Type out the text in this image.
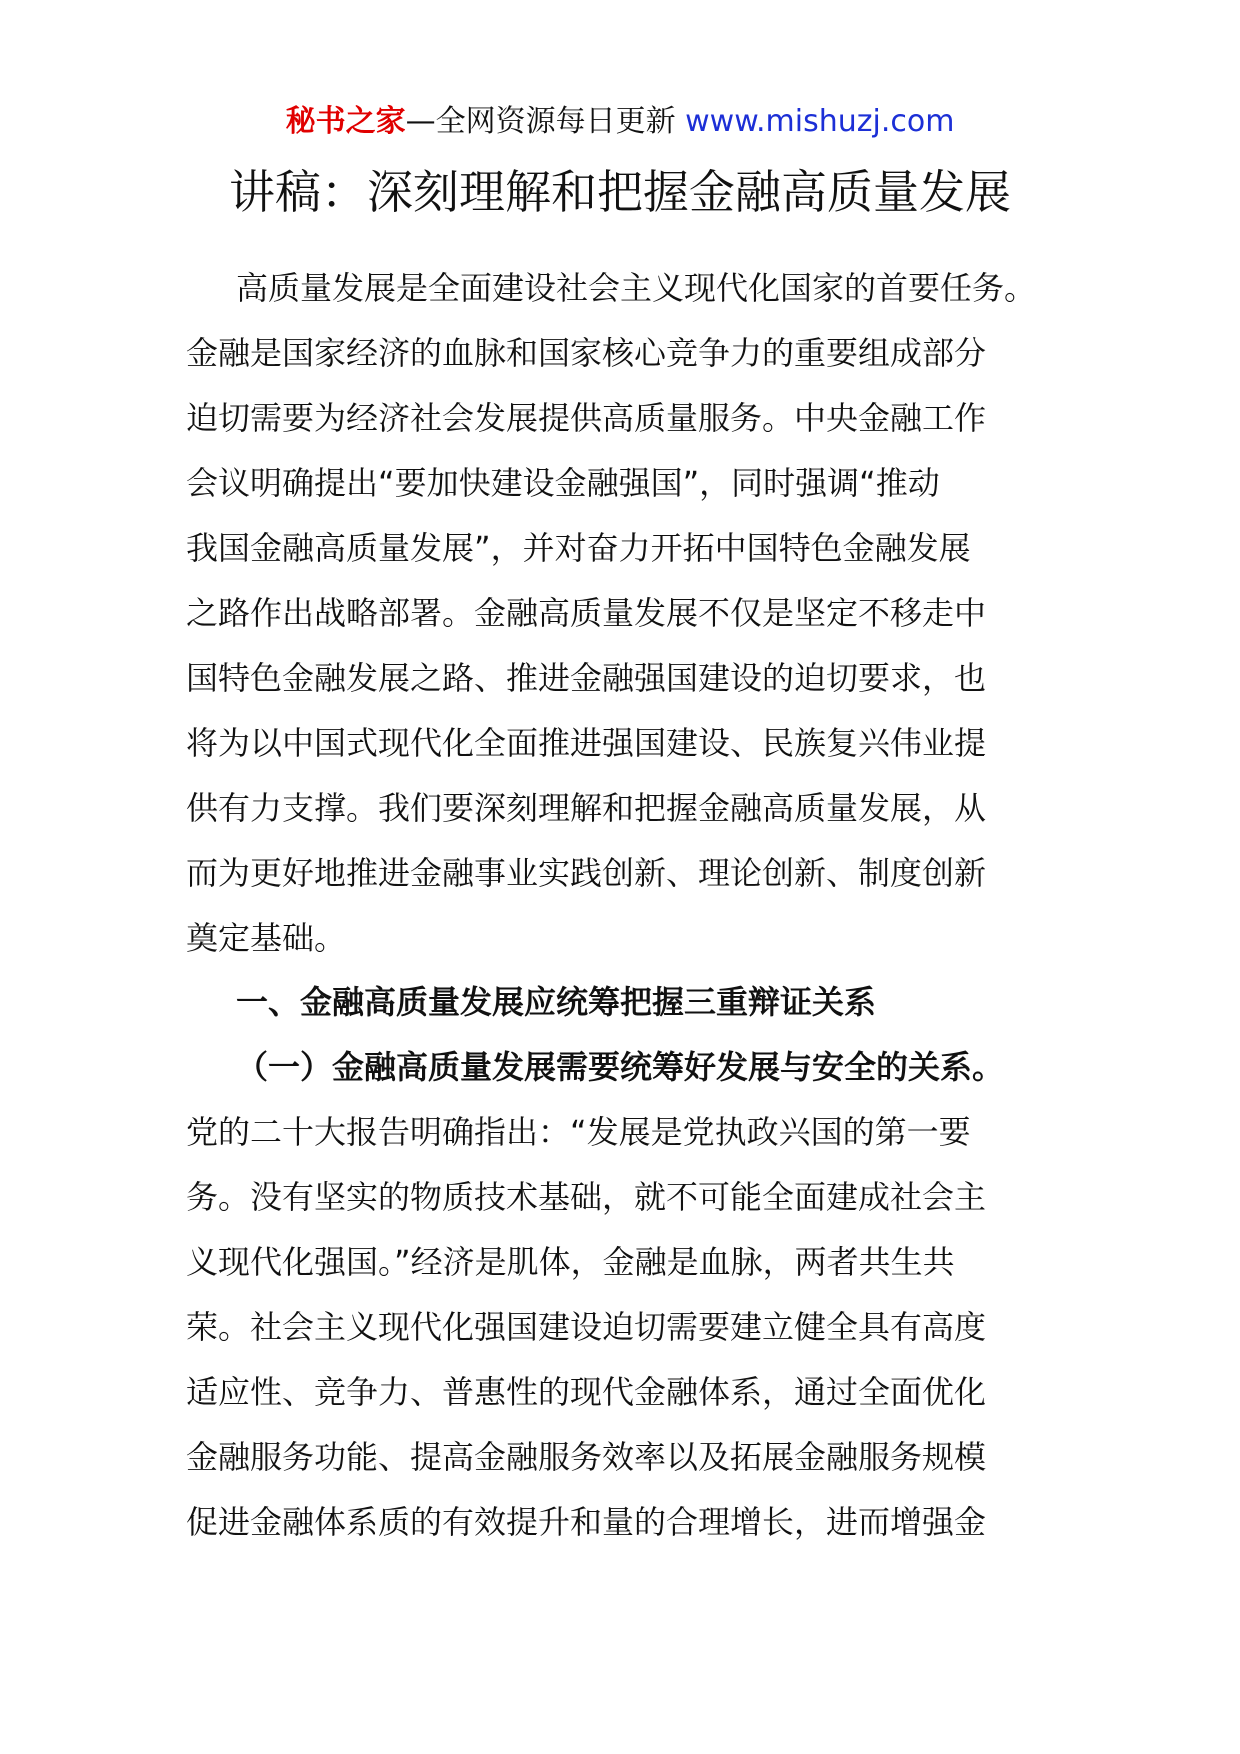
秘书之家—全网资源每日更新 www.mishuzj.com
讲稿：深刻理解和把握金融高质量发展
高质量发展是全面建设社会主义现代化国家的首要任务。
金融是国家经济的血脉和国家核心竞争力的重要组成部分
迫切需要为经济社会发展提供高质量服务。中央金融工作
会议明确提出“要加快建设金融强国”，同时强调“推动
我国金融高质量发展”，并对奋力开拓中国特色金融发展
之路作出战略部署。金融高质量发展不仅是坚定不移走中
国特色金融发展之路、推进金融强国建设的迫切要求，也
将为以中国式现代化全面推进强国建设、民族复兴伟业提
供有力支撑。我们要深刻理解和把握金融高质量发展，从
而为更好地推进金融事业实践创新、理论创新、制度创新
奠定基础。
一、金融高质量发展应统筹把握三重辩证关系
（一）金融高质量发展需要统筹好发展与安全的关系。
党的二十大报告明确指出：“发展是党执政兴国的第一要
务。没有坚实的物质技术基础，就不可能全面建成社会主
义现代化强国。”经济是肌体，金融是血脉，两者共生共
荣。社会主义现代化强国建设迫切需要建立健全具有高度
适应性、竞争力、普惠性的现代金融体系，通过全面优化
金融服务功能、提高金融服务效率以及拓展金融服务规模
促进金融体系质的有效提升和量的合理增长，进而增强金
